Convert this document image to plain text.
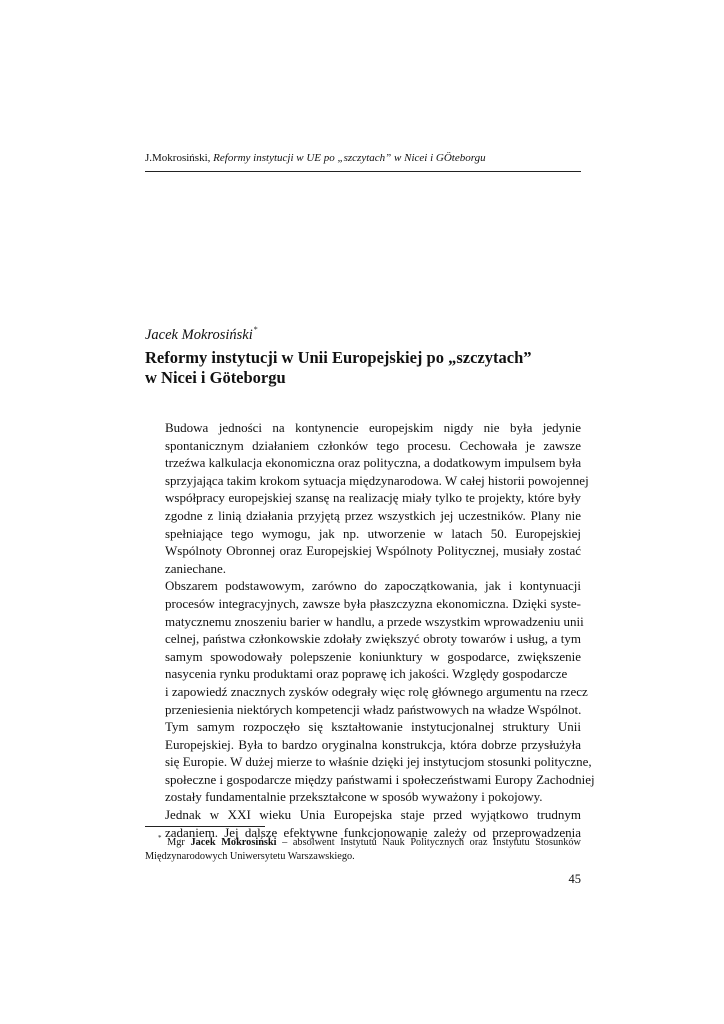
J.Mokrosiński, Reformy instytucji w UE po „szczytach” w Nicei i GÖteborgu
Jacek Mokrosiński*
Reformy instytucji w Unii Europejskiej po „szczytach”
w Nicei i Göteborgu

Budowa jedności na kontynencie europejskim nigdy nie była jedynie
spontanicznym działaniem członków tego procesu. Cechowała je zawsze
trzeźwa kalkulacja ekonomiczna oraz polityczna, a dodatkowym impulsem była
sprzyjająca takim krokom sytuacja międzynarodowa. W całej historii powojennej
współpracy europejskiej szansę na realizację miały tylko te projekty, które były
zgodne z linią działania przyjętą przez wszystkich jej uczestników. Plany nie
spełniające tego wymogu, jak np. utworzenie w latach 50. Europejskiej
Wspólnoty Obronnej oraz Europejskiej Wspólnoty Politycznej, musiały zostać
zaniechane.

Obszarem podstawowym, zarówno do zapoczątkowania, jak i kontynuacji
procesów integracyjnych, zawsze była płaszczyzna ekonomiczna. Dzięki syste-
matycznemu znoszeniu barier w handlu, a przede wszystkim wprowadzeniu unii
celnej, państwa członkowskie zdołały zwiększyć obroty towarów i usług, a tym
samym spowodowały polepszenie koniunktury w gospodarce, zwiększenie
nasycenia rynku produktami oraz poprawę ich jakości. Względy gospodarcze
i zapowiedź znacznych zysków odegrały więc rolę głównego argumentu na rzecz
przeniesienia niektórych kompetencji władz państwowych na władze Wspólnot.
Tym samym rozpoczęło się kształtowanie instytucjonalnej struktury Unii
Europejskiej. Była to bardzo oryginalna konstrukcja, która dobrze przysłużyła
się Europie. W dużej mierze to właśnie dzięki jej instytucjom stosunki polityczne,
społeczne i gospodarcze między państwami i społeczeństwami Europy Zachodniej
zostały fundamentalnie przekształcone w sposób wyważony i pokojowy.

Jednak w XXI wieku Unia Europejska staje przed wyjątkowo trudnym
zadaniem. Jej dalsze efektywne funkcjonowanie zależy od przeprowadzenia

* Mgr Jacek Mokrosiński – absolwent Instytutu Nauk Politycznych oraz Instytutu Stosunków
Międzynarodowych Uniwersytetu Warszawskiego.
45
